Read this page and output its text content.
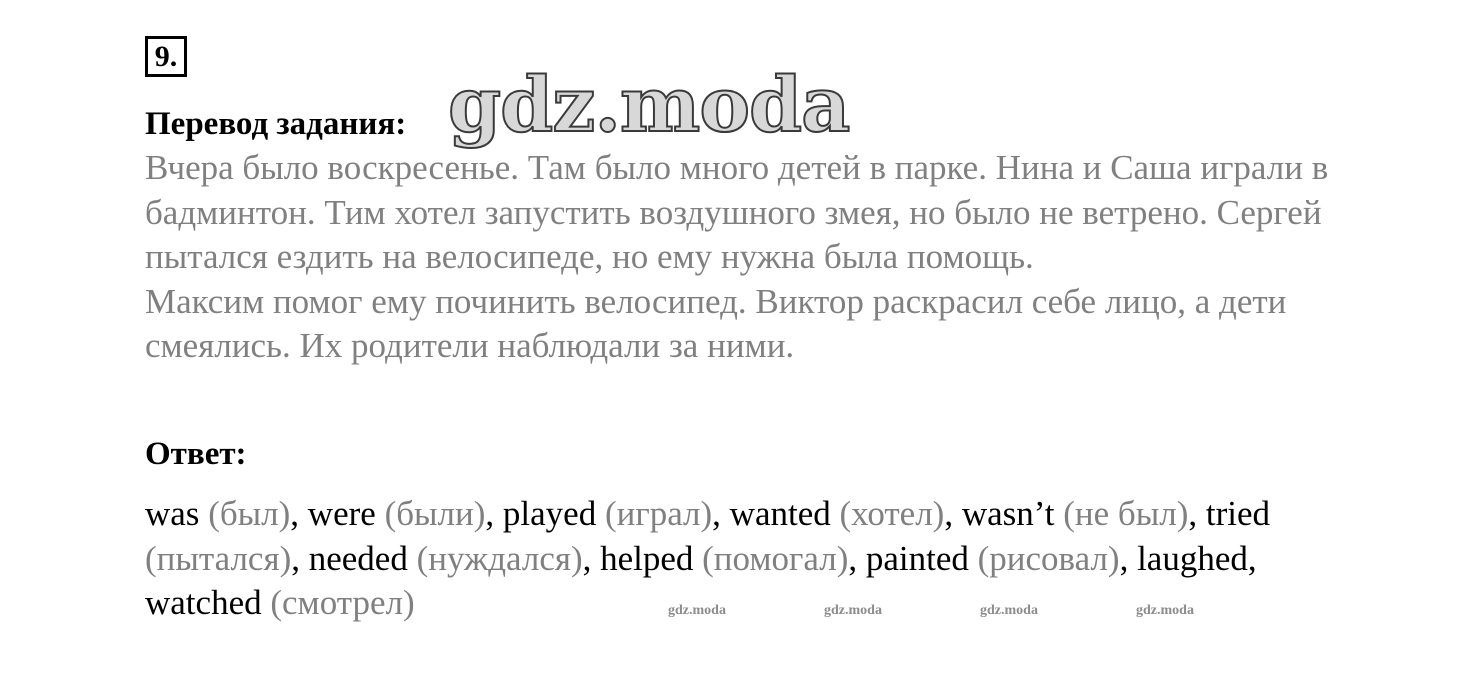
9.
Перевод задания: gdz.moda

Вчера было воскресенье. Там было много детей в парке. Нина и Саша играли в бадминтон. Тим хотел запустить воздушного змея, но было не ветрено. Сергей пытался ездить на велосипеде, но ему нужна была помощь.

Максим помог ему починить велосипед. Виктор раскрасил себе лицо, а дети смеялись. Их родители наблюдали за ними.

Ответ:
was (был), were (были), played (играл), wanted (хотел), wasn’t (не был), tried (пытался), needed (нуждался), helped (помогал), painted (рисовал), laughed, watched (смотрел)	gdz.moda	gdz.moda	gdz.moda	gdz.moda
